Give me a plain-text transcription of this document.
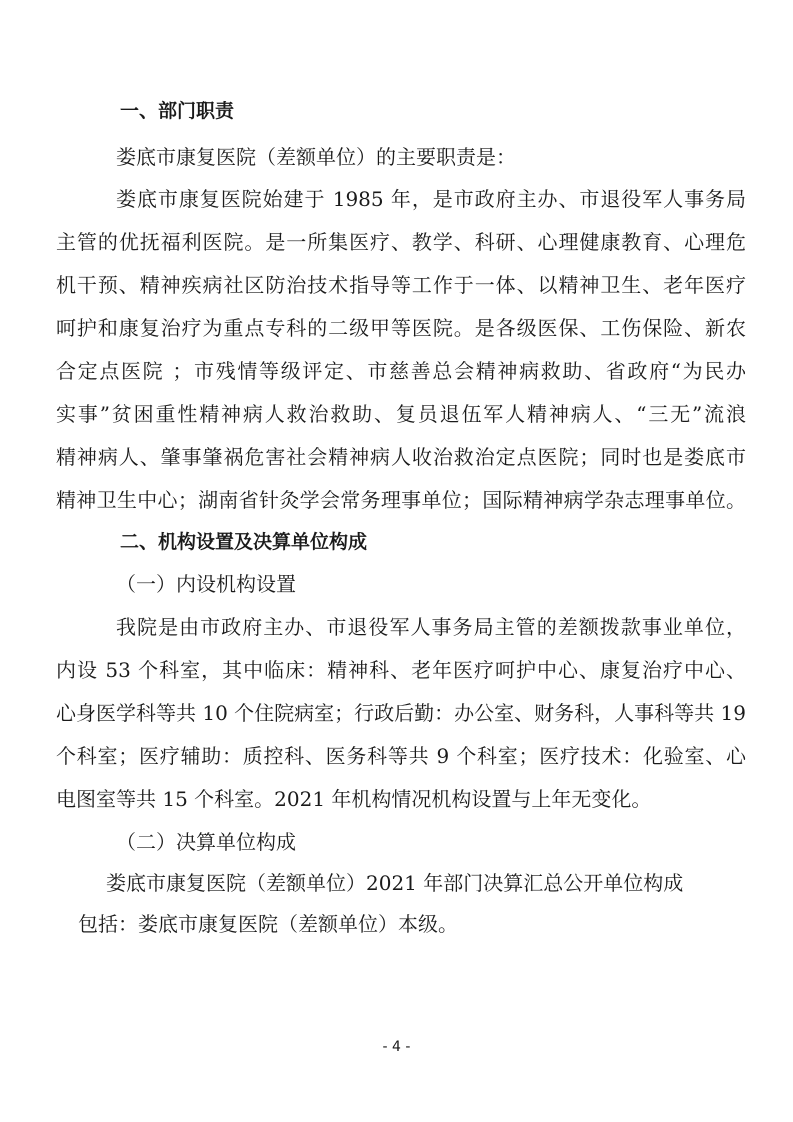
一、部门职责
娄底市康复医院（差额单位）的主要职责是：
娄底市康复医院始建于 1985 年，是市政府主办、市退役军人事务局
主管的优抚福利医院。是一所集医疗、教学、科研、心理健康教育、心理危
机干预、精神疾病社区防治技术指导等工作于一体、以精神卫生、老年医疗
呵护和康复治疗为重点专科的二级甲等医院。是各级医保、工伤保险、新农
合定点医院 ；市残情等级评定、市慈善总会精神病救助、省政府“为民办
实事”贫困重性精神病人救治救助、复员退伍军人精神病人、“三无”流浪
精神病人、肇事肇祸危害社会精神病人收治救治定点医院；同时也是娄底市
精神卫生中心；湖南省针灸学会常务理事单位；国际精神病学杂志理事单位。
二、机构设置及决算单位构成
（一）内设机构设置
我院是由市政府主办、市退役军人事务局主管的差额拨款事业单位，
内设 53 个科室，其中临床：精神科、老年医疗呵护中心、康复治疗中心、
心身医学科等共 10 个住院病室；行政后勤：办公室、财务科，人事科等共 19
个科室；医疗辅助：质控科、医务科等共 9 个科室；医疗技术：化验室、心
电图室等共 15 个科室。2021 年机构情况机构设置与上年无变化。
（二）决算单位构成
娄底市康复医院（差额单位）2021 年部门决算汇总公开单位构成
包括：娄底市康复医院（差额单位）本级。
- 4 -
